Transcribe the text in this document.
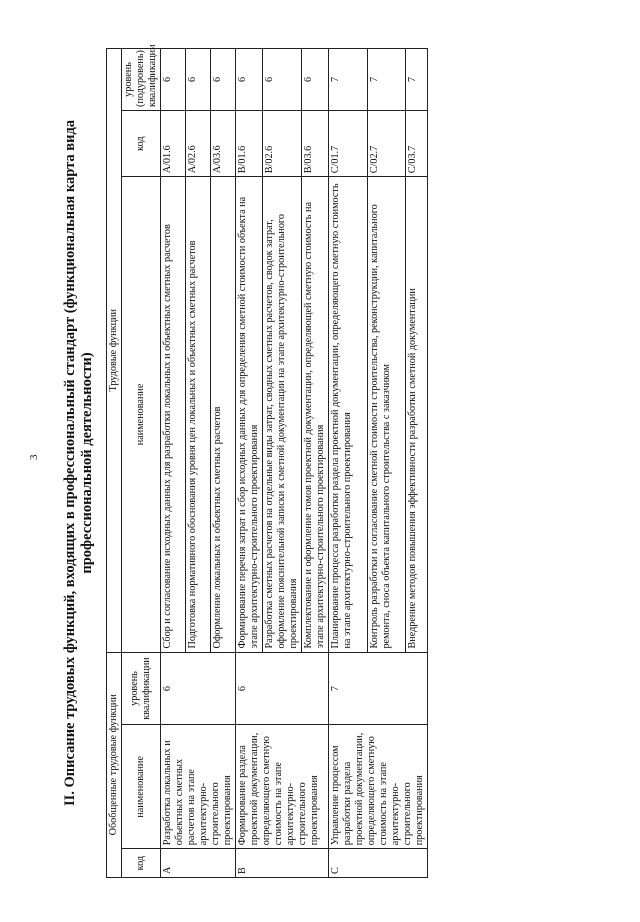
3 II. Описание трудовых функций, входящих в профессиональный стандарт (функциональная карта вида профессиональной деятельности)
Обобщенные трудовые функции			Трудовые функции		
код	наименование	уровень квалификации	наименование	код	уровень (подуровень) квалификации
A	Разработка локальных и объектных сметных расчетов на этапе архитектурно-строительного проектирования	6	Сбор и согласование исходных данных для разработки локальных и объектных сметных расчетов	A/01.6	6
			Подготовка нормативного обоснования уровня цен локальных и объектных сметных расчетов	A/02.6	6
			Оформление локальных и объектных сметных расчетов	A/03.6	6
B	Формирование раздела проектной документации, определяющего сметную стоимость на этапе архитектурно-строительного проектирования	6	Формирование перечня затрат и сбор исходных данных для определения сметной стоимости объекта на этапе архитектурно-строительного проектирования	B/01.6	6
			Разработка сметных расчетов на отдельные виды затрат, сводных сметных расчетов, сводок затрат, оформление пояснительной записки к сметной документации на этапе архитектурно-строительного проектирования	B/02.6	6
			Комплектование и оформление томов проектной документации, определяющей сметную стоимость на этапе архитектурно-строительного проектирования	B/03.6	6
C	Управление процессом разработки раздела проектной документации, определяющего сметную стоимость на этапе архитектурно-строительного проектирования	7	Планирование процесса разработки раздела проектной документации, определяющего сметную стоимость на этапе архитектурно-строительного проектирования	C/01.7	7
			Контроль разработки и согласование сметной стоимости строительства, реконструкции, капитального ремонта, сноса объекта капитального строительства с заказчиком	C/02.7	7
			Внедрение методов повышения эффективности разработки сметной документации	C/03.7	7
